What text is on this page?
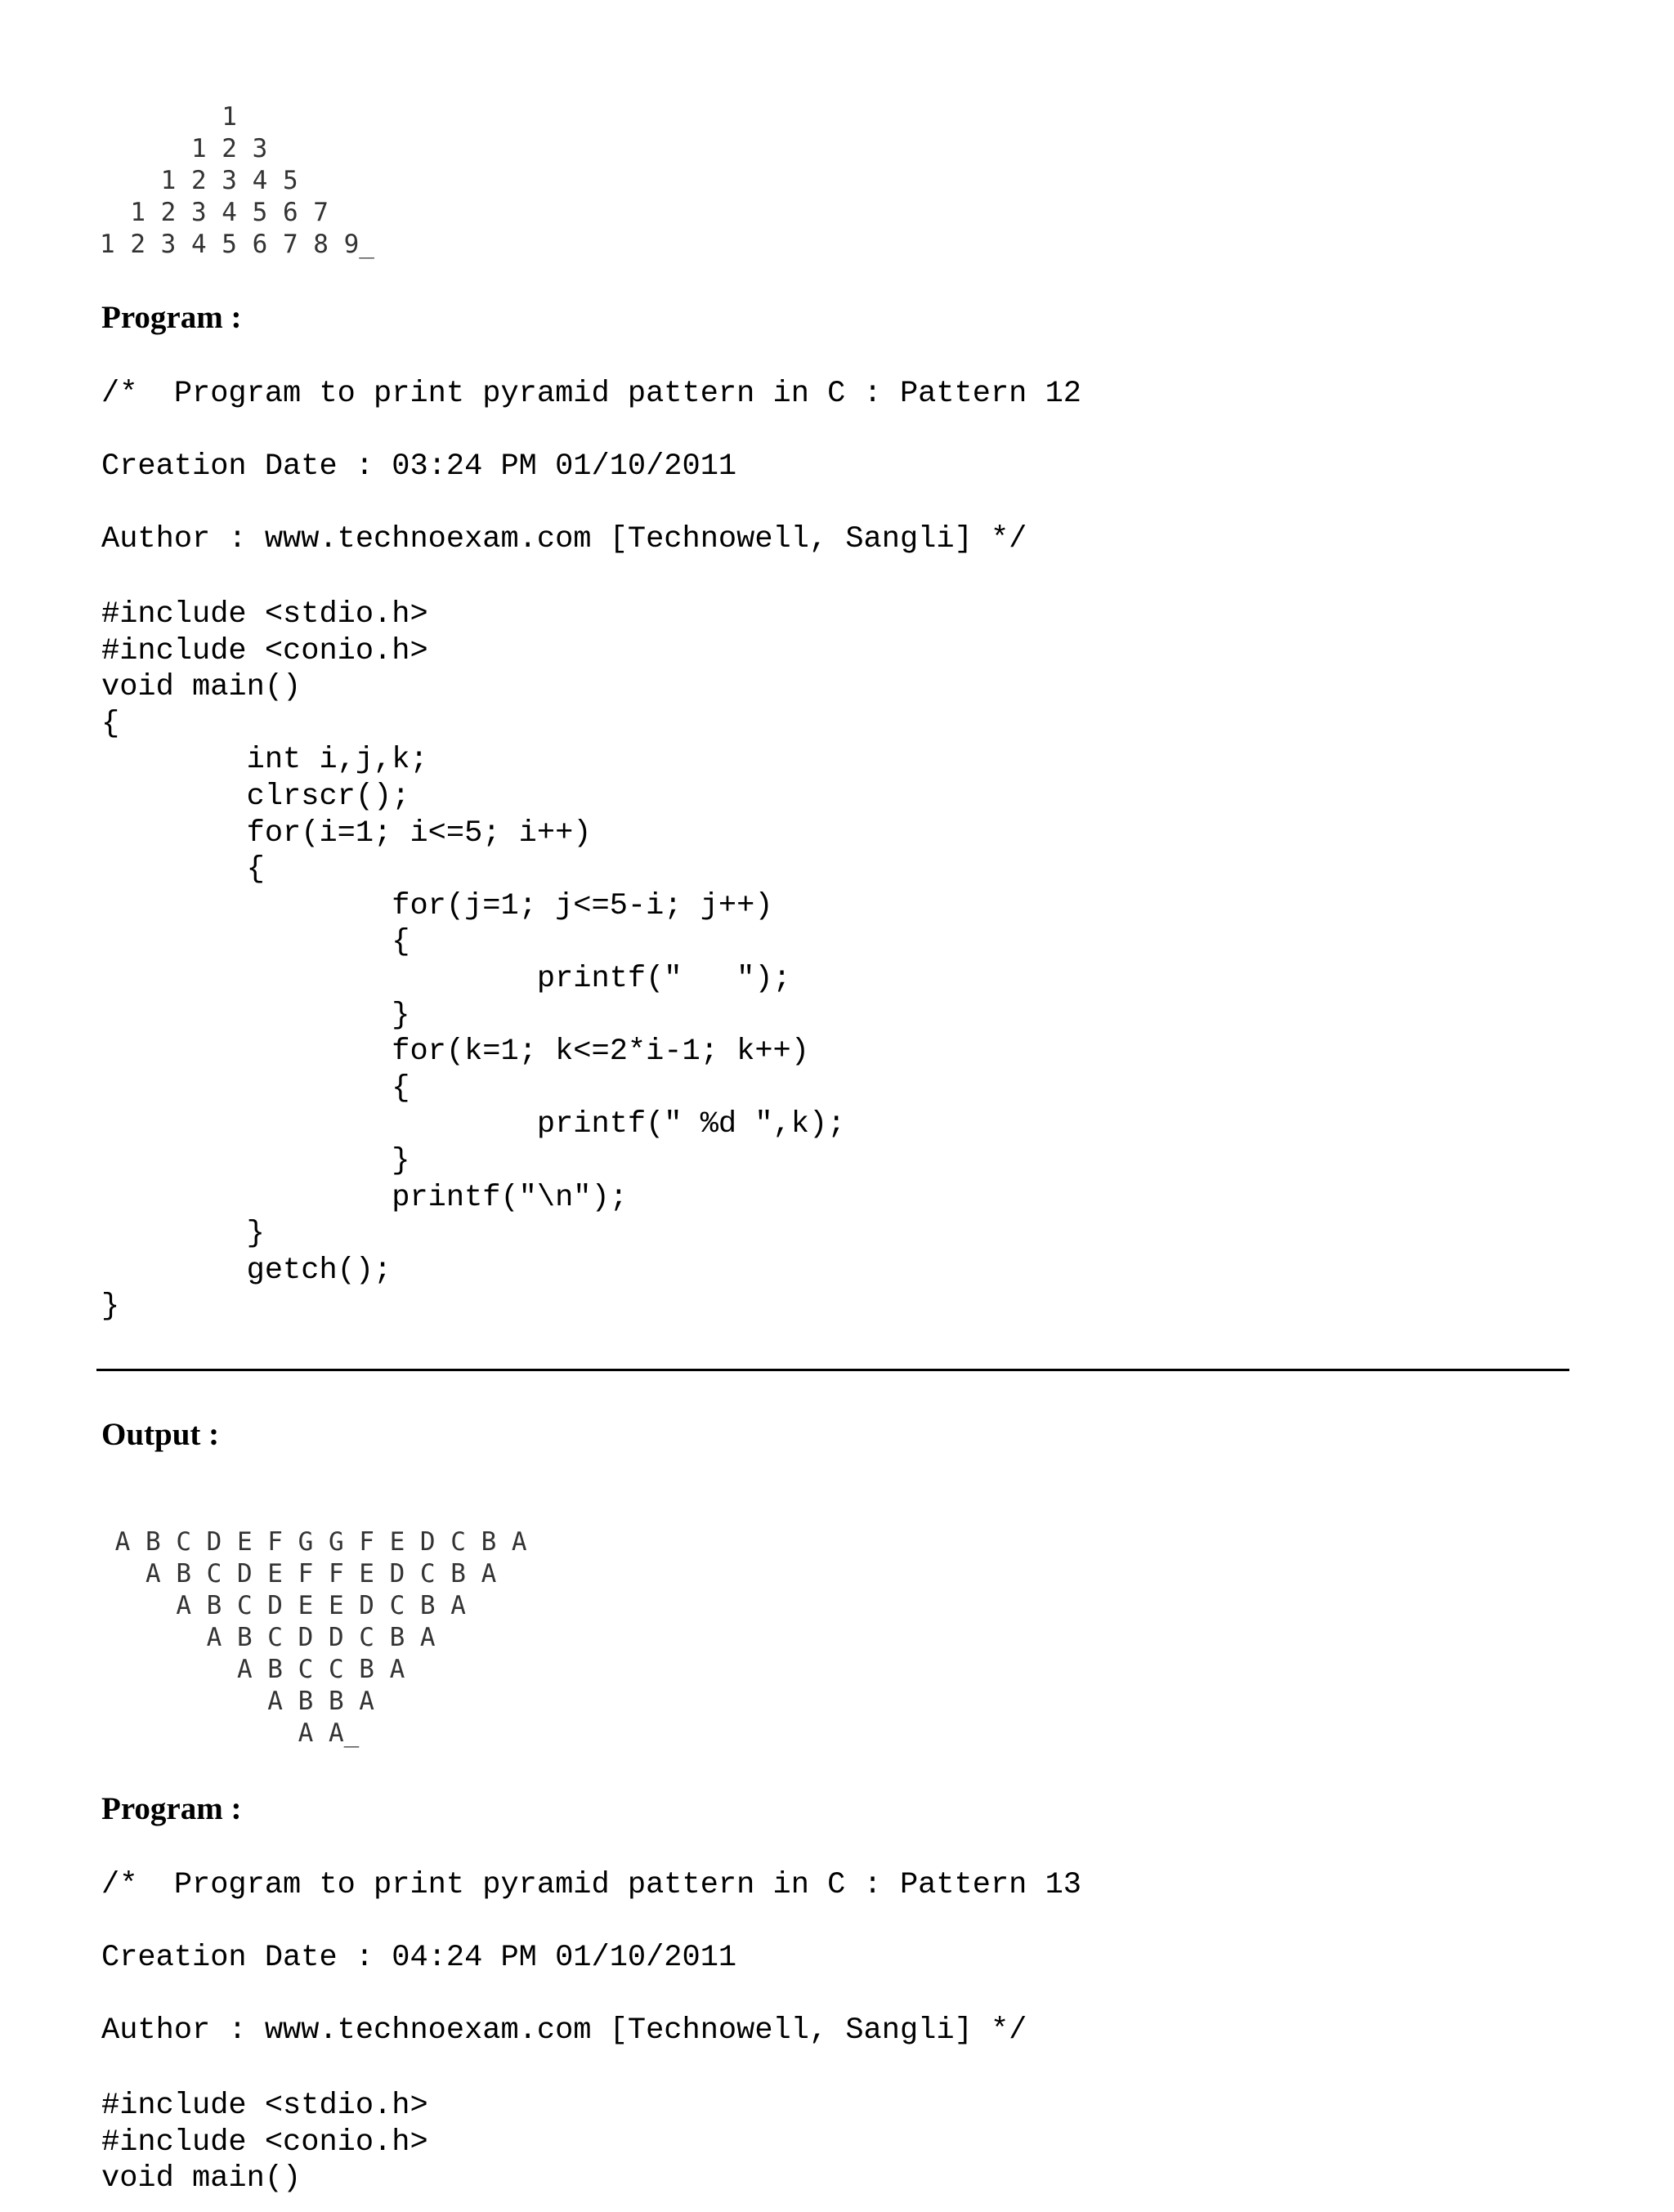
1
1 2 3
1 2 3 4 5
1 2 3 4 5 6 7
1 2 3 4 5 6 7 8 9_
Program :
/*  Program to print pyramid pattern in C : Pattern 12
Creation Date : 03:24 PM 01/10/2011
Author : www.technoexam.com [Technowell, Sangli] */
#include <stdio.h>
#include <conio.h>
void main()
{
int i,j,k;
clrscr();
for(i=1; i<=5; i++)
{
for(j=1; j<=5-i; j++)
{
printf("   ");
}
for(k=1; k<=2*i-1; k++)
{
printf(" %d ",k);
}
printf("\n");
}
getch();
}
Output :
A B C D E F G G F E D C B A
A B C D E F F E D C B A
A B C D E E D C B A
A B C D D C B A
A B C C B A
A B B A
A A_
Program :
/*  Program to print pyramid pattern in C : Pattern 13
Creation Date : 04:24 PM 01/10/2011
Author : www.technoexam.com [Technowell, Sangli] */
#include <stdio.h>
#include <conio.h>
void main()
